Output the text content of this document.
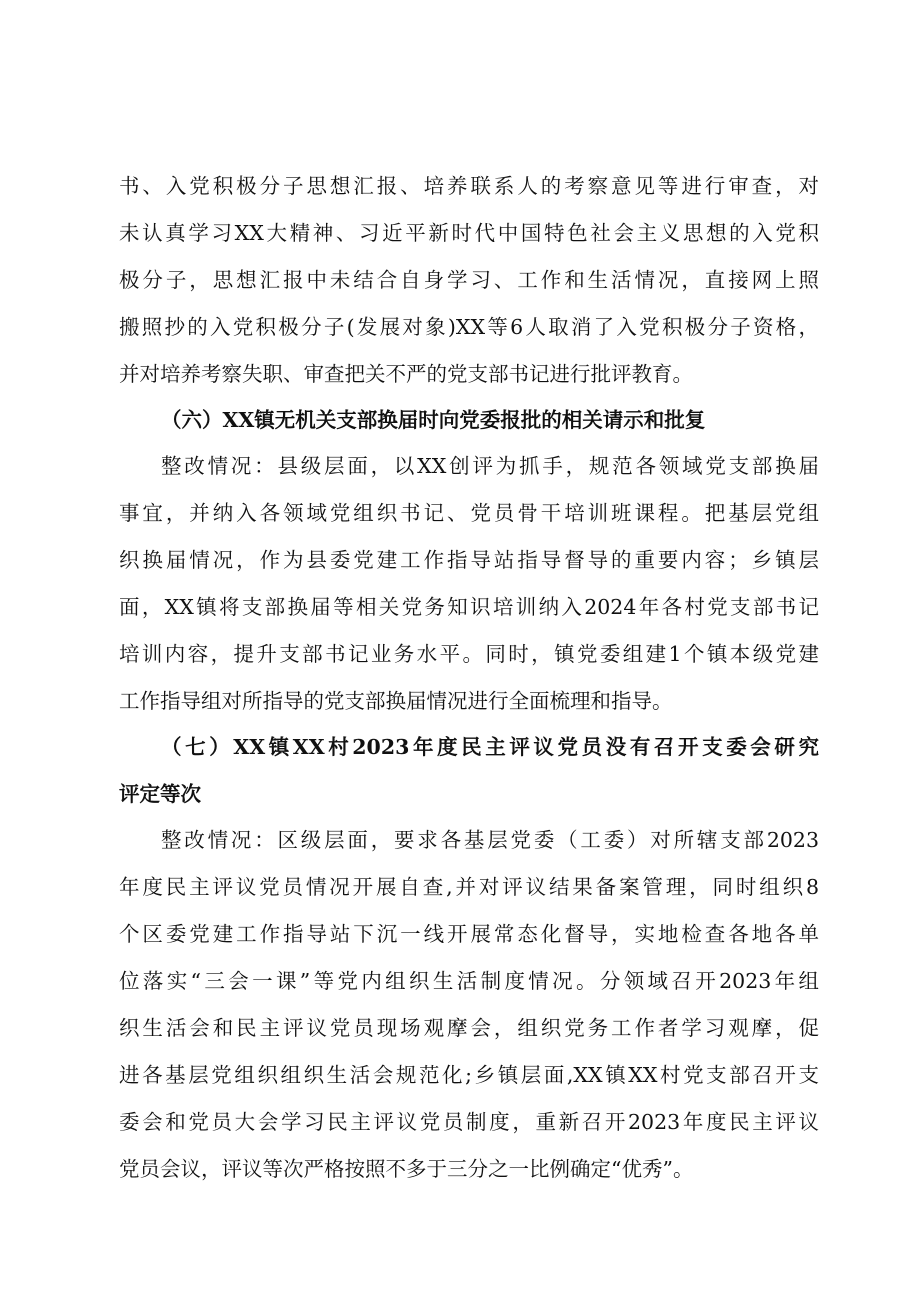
书、入党积极分子思想汇报、培养联系人的考察意见等进行审查，对
未认真学习XX大精神、习近平新时代中国特色社会主义思想的入党积
极分子，思想汇报中未结合自身学习、工作和生活情况，直接网上照
搬照抄的入党积极分子(发展对象)XX等6人取消了入党积极分子资格，
并对培养考察失职、审查把关不严的党支部书记进行批评教育。
（六）XX镇无机关支部换届时向党委报批的相关请示和批复
整改情况：县级层面，以XX创评为抓手，规范各领域党支部换届
事宜，并纳入各领域党组织书记、党员骨干培训班课程。把基层党组
织换届情况，作为县委党建工作指导站指导督导的重要内容；乡镇层
面，XX镇将支部换届等相关党务知识培训纳入2024年各村党支部书记
培训内容，提升支部书记业务水平。同时，镇党委组建1个镇本级党建
工作指导组对所指导的党支部换届情况进行全面梳理和指导。
（七）XX镇XX村2023年度民主评议党员没有召开支委会研究
评定等次
整改情况：区级层面，要求各基层党委（工委）对所辖支部2023
年度民主评议党员情况开展自查,并对评议结果备案管理，同时组织8
个区委党建工作指导站下沉一线开展常态化督导，实地检查各地各单
位落实“三会一课”等党内组织生活制度情况。分领域召开2023年组
织生活会和民主评议党员现场观摩会，组织党务工作者学习观摩，促
进各基层党组织组织生活会规范化;乡镇层面,XX镇XX村党支部召开支
委会和党员大会学习民主评议党员制度，重新召开2023年度民主评议
党员会议，评议等次严格按照不多于三分之一比例确定“优秀”。
